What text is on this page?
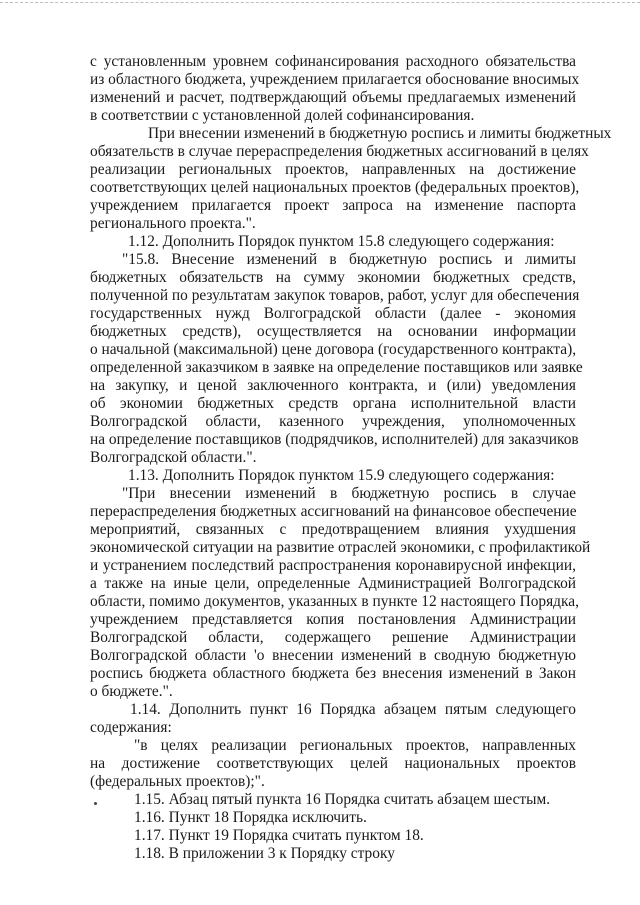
с установленным уровнем софинансирования расходного обязательства
из областного бюджета, учреждением прилагается обоснование вносимых
изменений и расчет, подтверждающий объемы предлагаемых изменений
в соответствии с установленной долей софинансирования.
При внесении изменений в бюджетную роспись и лимиты бюджетных
обязательств в случае перераспределения бюджетных ассигнований в целях
реализации региональных проектов, направленных на достижение
соответствующих целей национальных проектов (федеральных проектов),
учреждением прилагается проект запроса на изменение паспорта
регионального проекта.".
1.12. Дополнить Порядок пунктом 15.8 следующего содержания:
"15.8. Внесение изменений в бюджетную роспись и лимиты
бюджетных обязательств на сумму экономии бюджетных средств,
полученной по результатам закупок товаров, работ, услуг для обеспечения
государственных нужд Волгоградской области (далее - экономия
бюджетных средств), осуществляется на основании информации
о начальной (максимальной) цене договора (государственного контракта),
определенной заказчиком в заявке на определение поставщиков или заявке
на закупку, и ценой заключенного контракта, и (или) уведомления
об экономии бюджетных средств органа исполнительной власти
Волгоградской области, казенного учреждения, уполномоченных
на определение поставщиков (подрядчиков, исполнителей) для заказчиков
Волгоградской области.".
1.13. Дополнить Порядок пунктом 15.9 следующего содержания:
"При внесении изменений в бюджетную роспись в случае
перераспределения бюджетных ассигнований на финансовое обеспечение
мероприятий, связанных с предотвращением влияния ухудшения
экономической ситуации на развитие отраслей экономики, с профилактикой
и устранением последствий распространения коронавирусной инфекции,
а также на иные цели, определенные Администрацией Волгоградской
области, помимо документов, указанных в пункте 12 настоящего Порядка,
учреждением представляется копия постановления Администрации
Волгоградской области, содержащего решение Администрации
Волгоградской области 'о внесении изменений в сводную бюджетную
роспись бюджета областного бюджета без внесения изменений в Закон
о бюджете.".
1.14. Дополнить пункт 16 Порядка абзацем пятым следующего
содержания:
"в целях реализации региональных проектов, направленных
на достижение соответствующих целей национальных проектов
(федеральных проектов);".
1.15. Абзац пятый пункта 16 Порядка считать абзацем шестым.
1.16. Пункт 18 Порядка исключить.
1.17. Пункт 19 Порядка считать пунктом 18.
1.18. В приложении 3 к Порядку строку
